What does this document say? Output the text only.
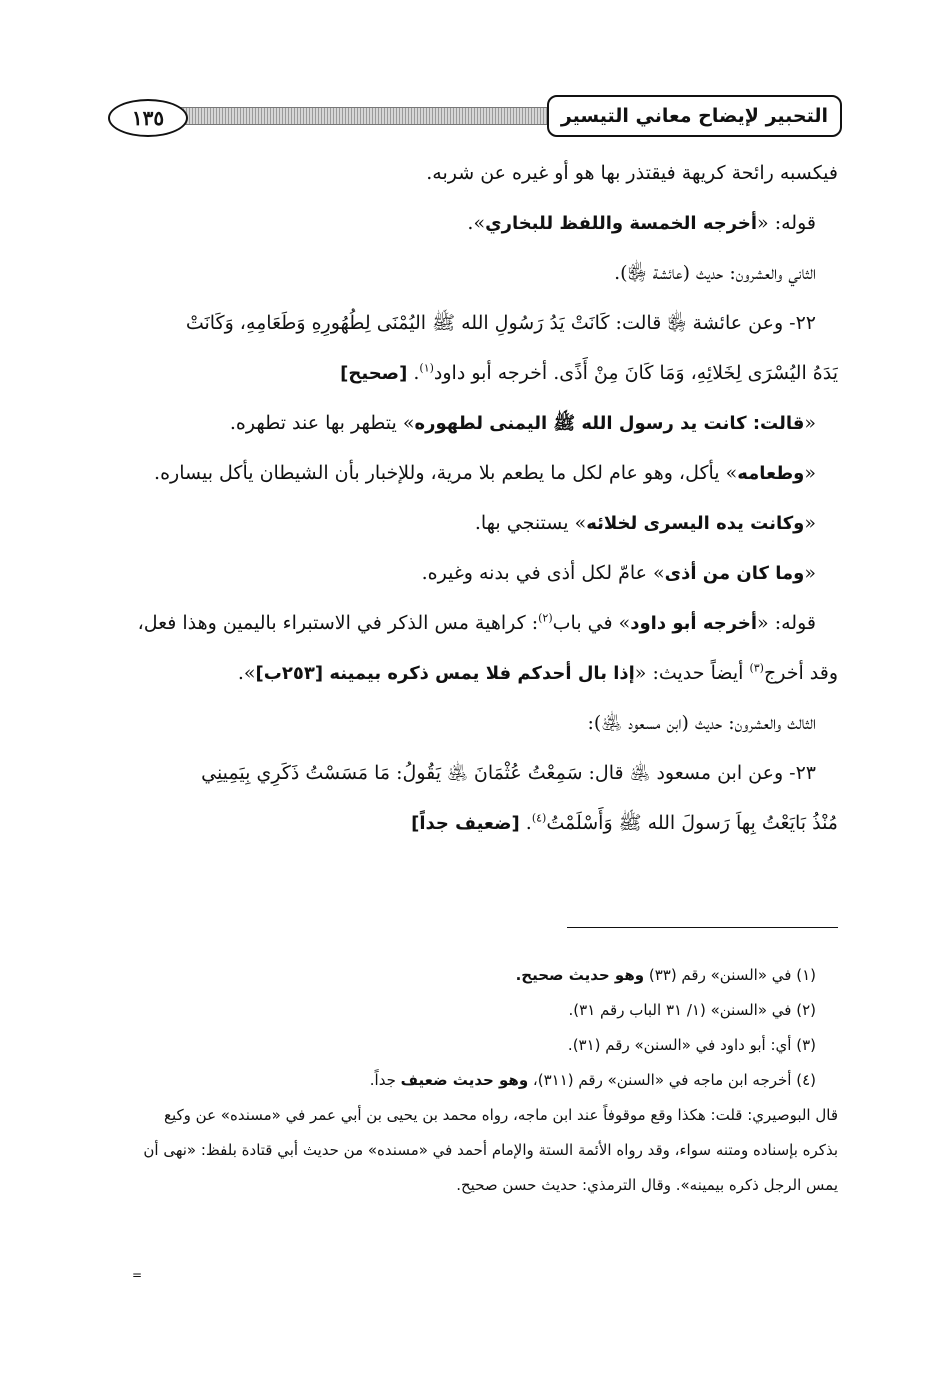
١٣٥	التحبير لإيضاح معاني التيسير
فيكسبه رائحة كريهة فيقتذر بها هو أو غيره عن شربه.
قوله: «أخرجه الخمسة واللفظ للبخاري».
الثاني والعشرون: حديث (عائشة ﵂).
٢٢- وعن عائشة ﵂ قالت: كَانَتْ يَدُ رَسُولِ الله ﷺ اليُمْنَى لِطُهُورِهِ وَطَعَامِهِ، وَكَانَتْ
يَدَهُ اليُسْرَى لِخَلائِهِ، وَمَا كَانَ مِنْ أَذًى. أخرجه أبو داود$^{(١)}$. [صحيح]
«قالت: كانت يد رسول الله ﷺ اليمنى لطهوره» يتطهر بها عند تطهره.
«وطعامه» يأكل، وهو عام لكل ما يطعم بلا مرية، وللإخبار بأن الشيطان يأكل بيساره.
«وكانت يده اليسرى لخلائه» يستنجي بها.
«وما كان من أذى» عامّ لكل أذى في بدنه وغيره.
قوله: «أخرجه أبو داود» في باب$^{(٢)}$: كراهية مس الذكر في الاستبراء باليمين وهذا فعل،
وقد أخرج$^{(٣)}$ أيضاً حديث: «إذا بال أحدكم فلا يمس ذكره بيمينه [٢٥٣ب]».
الثالث والعشرون: حديث (ابن مسعود ﵁):
٢٣- وعن ابن مسعود ﵁ قال: سَمِعْتُ عُثْمَانَ ﵁ يَقُولُ: مَا مَسَسْتُ ذَكَرِي بِيَمِينِي
مُنْذُ بَايَعْتُ بِهاَ رَسولَ الله ﷺ وَأَسْلَمْتُ$^{(٤)}$. [ضعيف جداً]
(١) في «السنن» رقم (٣٣) وهو حديث صحيح.
(٢) في «السنن» (١/ ٣١ الباب رقم ٣١).
(٣) أي: أبو داود في «السنن» رقم (٣١).
(٤) أخرجه ابن ماجه في «السنن» رقم (٣١١)، وهو حديث ضعيف جداً.
قال البوصيري: قلت: هكذا وقع موقوفاً عند ابن ماجه، رواه محمد بن يحيى بن أبي عمر في «مسنده» عن وكيع
بذكره بإسناده ومتنه سواء، وقد رواه الأئمة الستة والإمام أحمد في «مسنده» من حديث أبي قتادة بلفظ: «نهى أن
يمس الرجل ذكره بيمينه». وقال الترمذي: حديث حسن صحيح.
=
